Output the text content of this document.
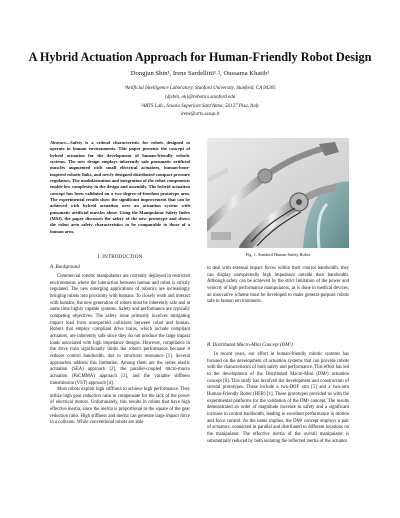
A Hybrid Actuation Approach for Human-Friendly Robot Design
Dongjun Shin¹, Irene Sardellitti¹˒², Oussama Khatib¹
¹Artificial Intelligence Laboratory, Stanford University, Stanford, CA 94305
{djshin, ok}@robotics.stanford.edu
²ARTS Lab., Scuola Superiore Sant'Anna, 56127 Pisa, Italy
irene@arts.sssup.it
Abstract—Safety is a critical characteristic for robots designed to operate in human environments. This paper presents the concept of hybrid actuation for the development of human-friendly robotic systems. The new design employs inherently safe pneumatic artificial muscles augmented with small electrical actuators, human-bone-inspired robotic links, and newly designed distributed compact pressure regulators. The modularization and integration of the robot components enable low complexity in the design and assembly. The hybrid actuation concept has been validated on a two-degree-of-freedom prototype arm. The experimental results show the significant improvement that can be achieved with hybrid actuation over an actuation system with pneumatic artificial muscles alone. Using the Manipulator Safety Index (MSI), the paper discusses the safety of the new prototype and shows the robot arm safety characteristics to be comparable to those of a human arm.
I. INTRODUCTION
A. Background

Commercial robotic manipulators are currently deployed in restricted environments where the interaction between human and robot is strictly regulated. The new emerging applications of robotics are increasingly bringing robots into proximity with humans. To closely work and interact with humans, the new generation of robots must be inherently safe and at same time highly capable systems. Safety and performance are typically competing objectives. The safety issue primarily involves mitigating impact load from unexpected collisions between robot and human. Robots that employ compliant drive trains, which include compliant actuators, are inherently safe since they do not produce the large impact loads associated with high impedance designs. However, compliance in the drive train significantly limits the robot's performance because it reduces control bandwidth, due to structural resonance [1]. Several approaches address this limitation. Among them are the series elastic actuation (SEA) approach [2], the parallel-coupled micro-macro actuation (PaCMMA) approach [3], and the variable stiffness transmission (VST) approach [4].

Most robots exploit high stiffness to achieve high performance. They utilize high gear reduction ratio to compensate for the lack of the power of electrical motors. Unfortunately, this results in robots that have high effective inertia, since the inertia is proportional to the square of the gear reduction ratio. High stiffness and inertia can generate large impact force in a collision. While conventional robots are able

Fig. 1. Stanford Human Safety Robot

to deal with external impact forces within their control bandwidth, they can display unexpectedly high impedance outside their bandwidth. Although safety can be achieved by the strict limitation of the power and velocity of high performance manipulators, as is done in medical devices, an innovative scheme must be developed to make general-purpose robots safe in human environments.

B. Distributed Macro-Mini Concept (DM²)

In recent years, our effort in human-friendly robotic systems has focused on the development of actuation systems that can provide robots with the characteristics of both safety and performance. This effort has led to the development of the Distributed Macro-Mini (DM²) actuation concept [6]. This study has involved the development and construction of several prototypes. These include a two-DOF arm [5] and a two-arm Human-Friendly Robot (HFR) [1]. These prototypes provided us with the experimental platforms for the validation of the DM² concept. The results demonstrated an order of magnitude increase in safety and a significant increase in control bandwidth, leading to excellent performance in motion and force control. As the name implies, the DM² concept employs a pair of actuators, connected in parallel and distributed to different locations on the manipulator. The effective inertia of the overall manipulator is substantially reduced by both isolating the reflected inertia of the actuator
